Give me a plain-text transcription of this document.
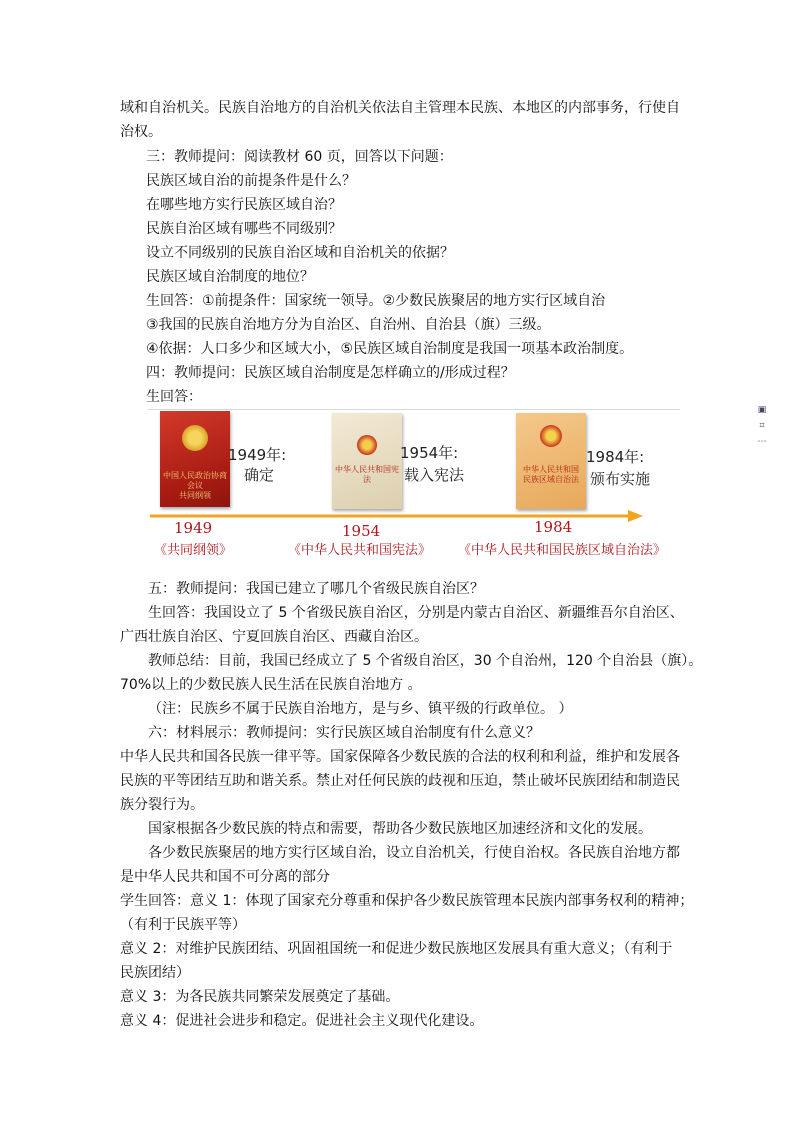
域和自治机关。民族自治地方的自治机关依法自主管理本民族、本地区的内部事务，行使自
治权。
三：教师提问：阅读教材 60 页，回答以下问题：
民族区域自治的前提条件是什么？
在哪些地方实行民族区域自治？
民族自治区域有哪些不同级别？
设立不同级别的民族自治区域和自治机关的依据？
民族区域自治制度的地位？
生回答：①前提条件：国家统一领导。②少数民族聚居的地方实行区域自治
③我国的民族自治地方分为自治区、自治州、自治县（旗）三级。
④依据：人口多少和区域大小，⑤民族区域自治制度是我国一项基本政治制度。
四：教师提问：民族区域自治制度是怎样确立的/形成过程？
生回答：
中国人民政治协商会议
共同纲领
中华人民共和国宪法
中华人民共和国
民族区域自治法
▣
⌗
⋯
1949年:
确定
1954年:
载入宪法
1984年:
颁布实施
1949	1954	1984
《共同纲领》	《中华人民共和国宪法》 《中华人民共和国民族区域自治法》
五：教师提问：我国已建立了哪几个省级民族自治区？
生回答：我国设立了 5 个省级民族自治区，分别是内蒙古自治区、新疆维吾尔自治区、
广西壮族自治区、宁夏回族自治区、西藏自治区。
教师总结：目前，我国已经成立了 5 个省级自治区，30 个自治州，120 个自治县（旗）。
70%以上的少数民族人民生活在民族自治地方 。
（注：民族乡不属于民族自治地方，是与乡、镇平级的行政单位。 ）
六：材料展示：教师提问：实行民族区域自治制度有什么意义？
中华人民共和国各民族一律平等。国家保障各少数民族的合法的权利和利益，维护和发展各
民族的平等团结互助和谐关系。禁止对任何民族的歧视和压迫，禁止破坏民族团结和制造民
族分裂行为。
国家根据各少数民族的特点和需要，帮助各少数民族地区加速经济和文化的发展。
各少数民族聚居的地方实行区域自治，设立自治机关，行使自治权。各民族自治地方都
是中华人民共和国不可分离的部分
学生回答：意义 1：体现了国家充分尊重和保护各少数民族管理本民族内部事务权利的精神；
（有利于民族平等）
意义 2：对维护民族团结、巩固祖国统一和促进少数民族地区发展具有重大意义；（有利于
民族团结）
意义 3：为各民族共同繁荣发展奠定了基础。
意义 4：促进社会进步和稳定。促进社会主义现代化建设。
